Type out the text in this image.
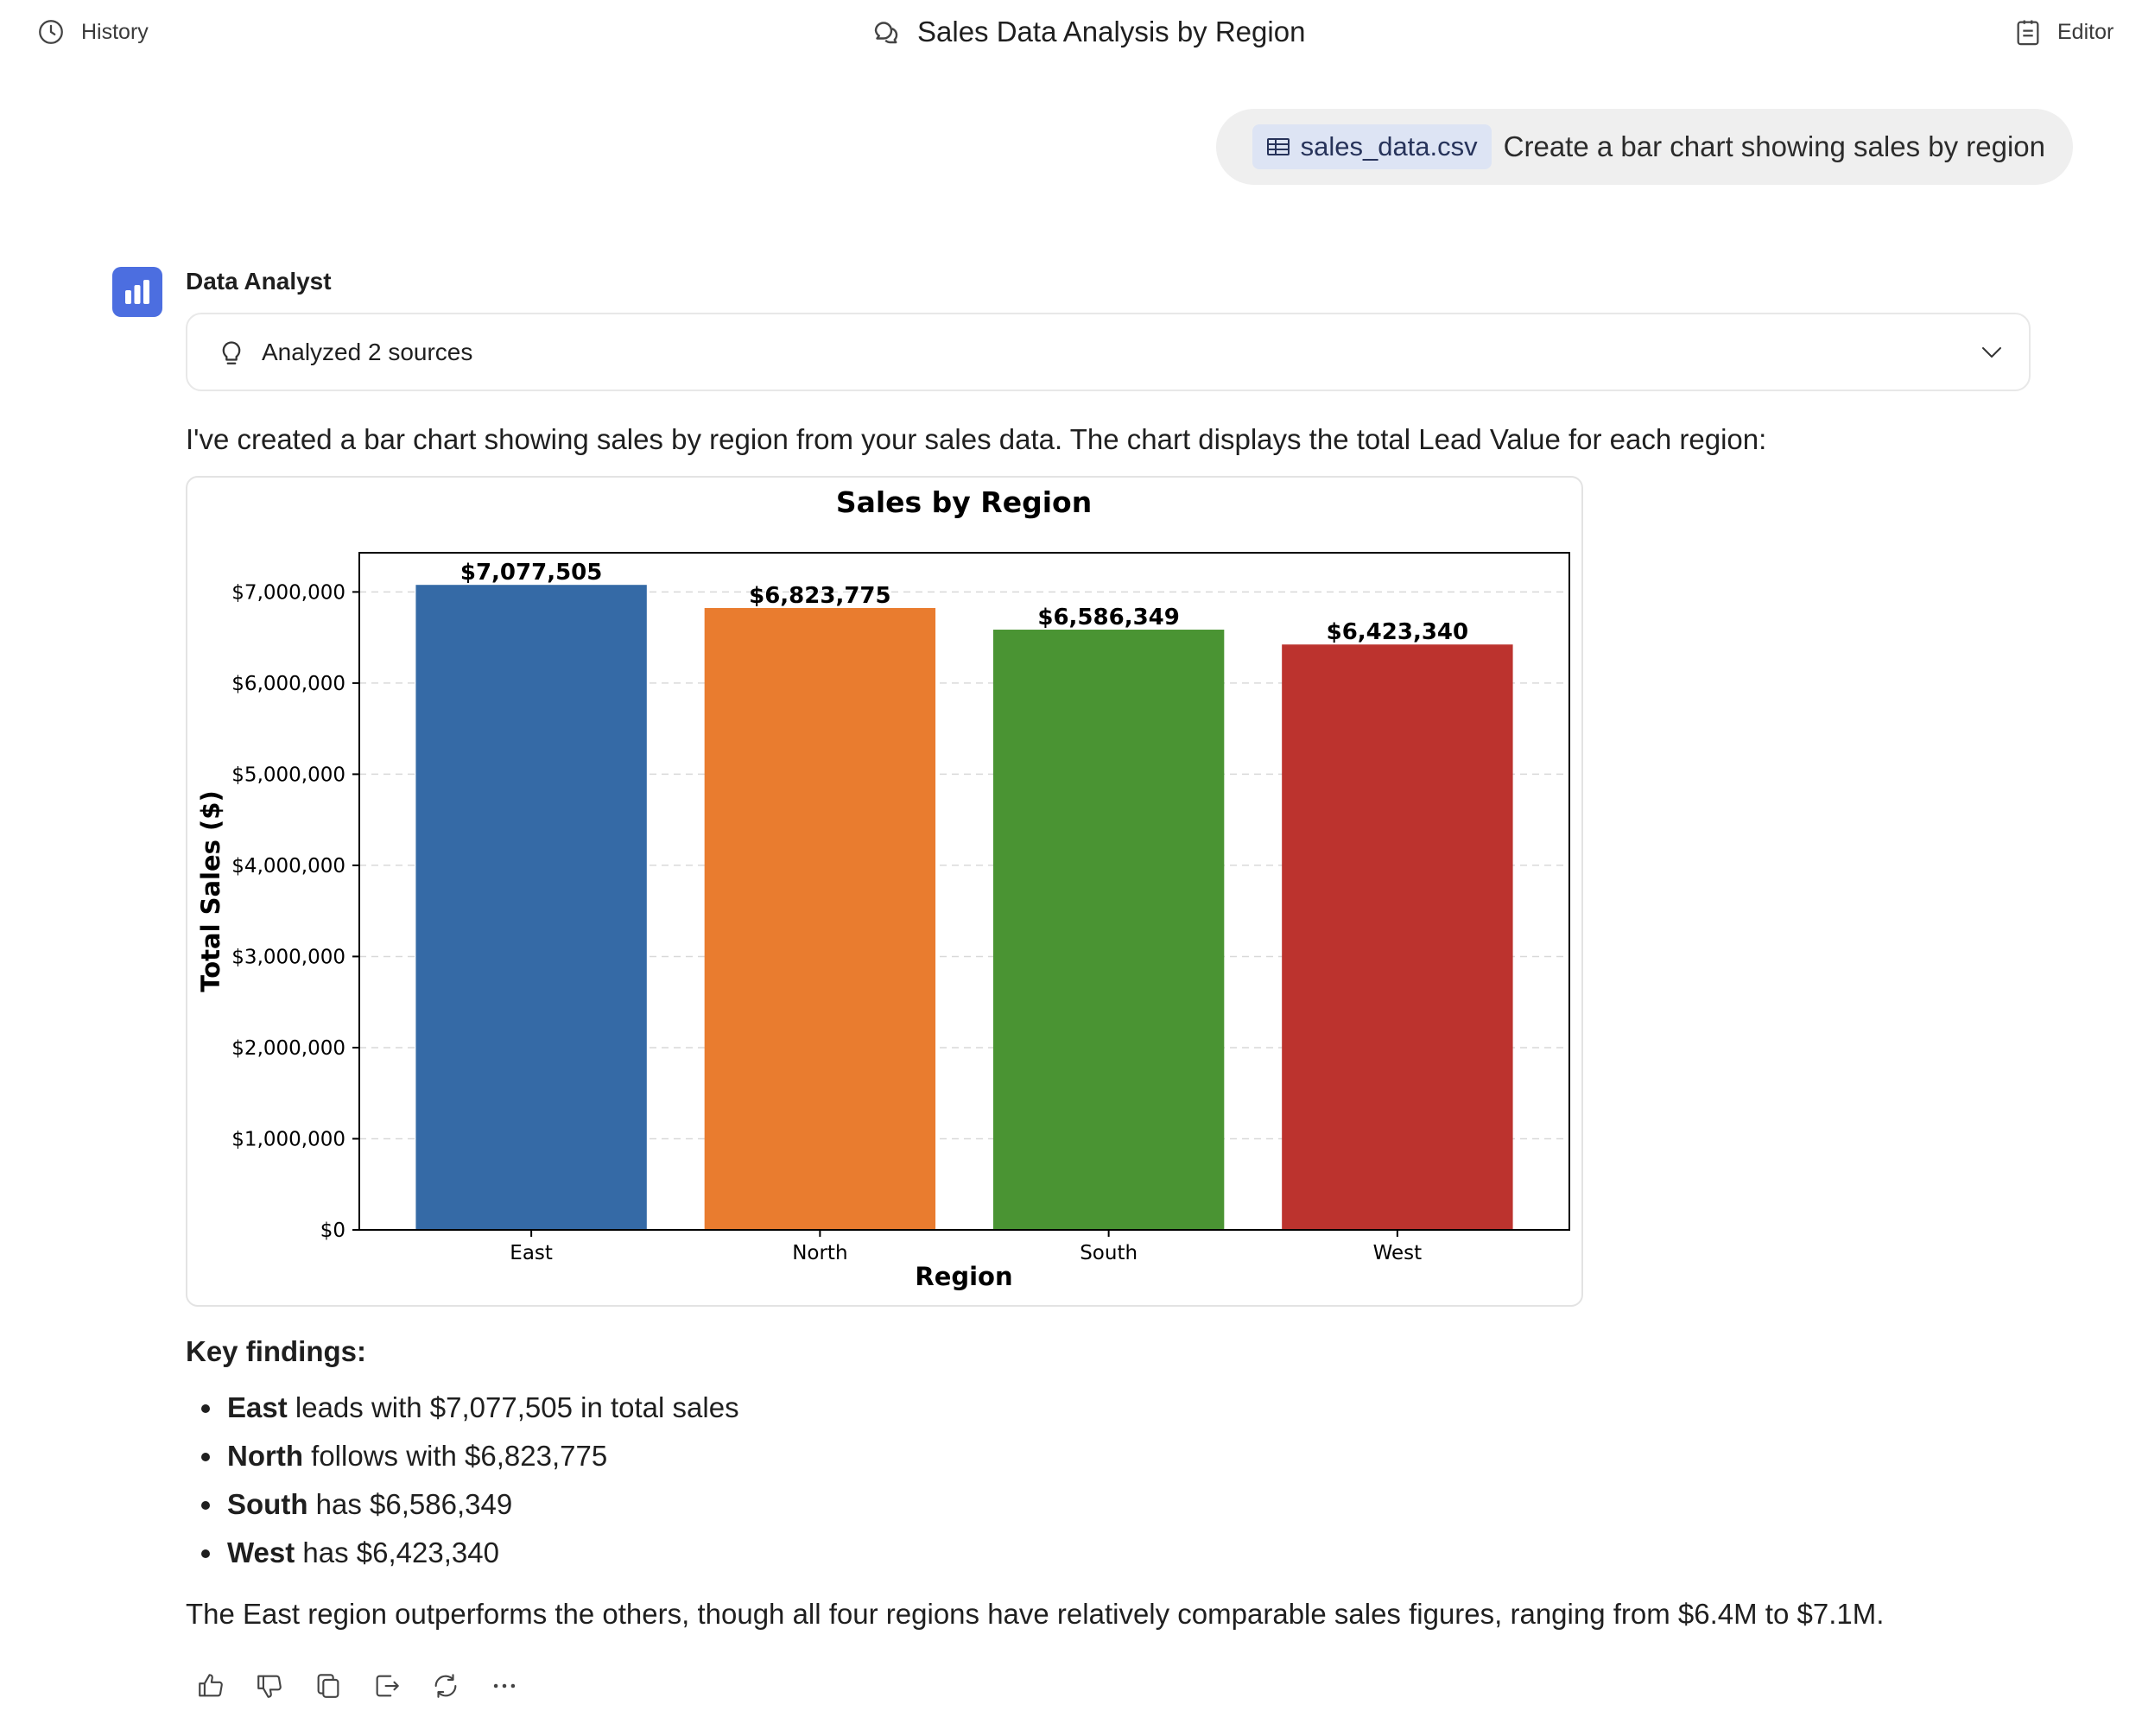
History	Sales Data Analysis by Region	Editor
sales_data.csv Create a bar chart showing sales by region
Data Analyst
Analyzed 2 sources
I've created a bar chart showing sales by region from your sales data. The chart displays the total Lead Value for each region:
Sales by Region
$7,077,505
$6,823,775
$6,586,349
$6,423,340
$0
$1,000,000
$2,000,000
$3,000,000
$4,000,000
$5,000,000
$6,000,000
$7,000,000
East	North	South	West
Region
Total Sales ($)
Key findings:
East leads with $7,077,505 in total sales
North follows with $6,823,775
South has $6,586,349
West has $6,423,340
The East region outperforms the others, though all four regions have relatively comparable sales figures, ranging from $6.4M to $7.1M.
